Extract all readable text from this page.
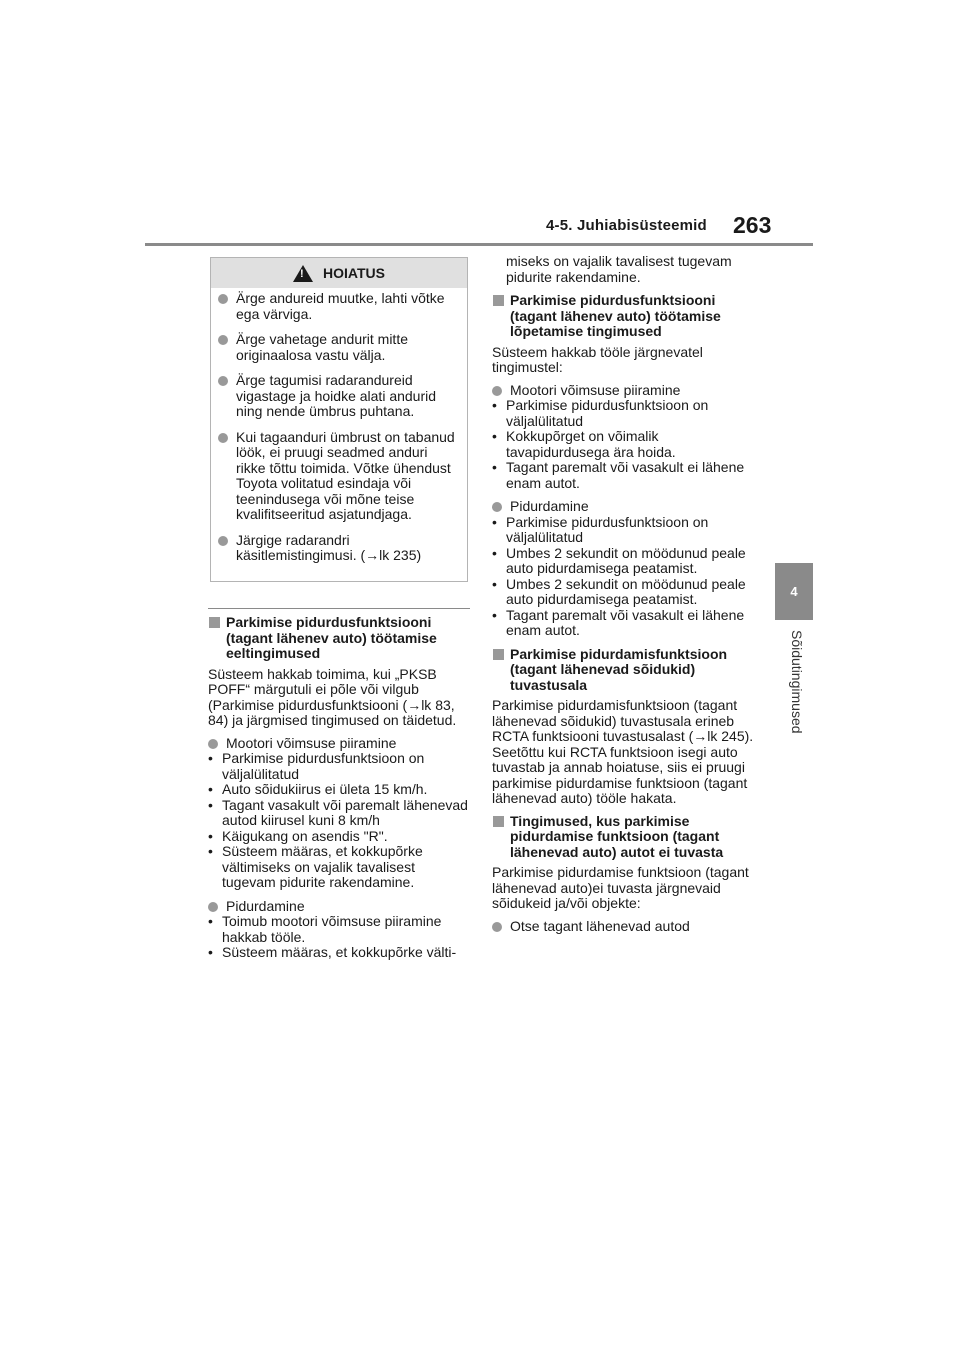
4-5. Juhiabisüsteemid 263
4
Sõidutingimused
!
HOIATUS
Ärge andureid muutke, lahti võtke ega värviga.
Ärge vahetage andurit mitte originaalosa vastu välja.
Ärge tagumisi radarandureid vigastage ja hoidke alati andurid ning nende ümbrus puhtana.
Kui tagaanduri ümbrust on tabanud löök, ei pruugi seadmed anduri rikke tõttu toimida. Võtke ühendust Toyota volitatud esindaja või teenindusega või mõne teise kvalifitseeritud asjatundjaga.
Järgige radarandri käsitlemistingimusi. (→lk 235)
Parkimise pidurdusfunktsiooni (tagant lähenev auto) töötamise eeltingimused
Süsteem hakkab toimima, kui „PKSB POFF“ märgutuli ei põle või vilgub (Parkimise pidurdusfunktsiooni (→lk 83, 84) ja järgmised tingimused on täidetud.
Mootori võimsuse piiramine
• Parkimise pidurdusfunktsioon on väljalülitatud
• Auto sõidukiirus ei ületa 15 km/h.
• Tagant vasakult või paremalt lähenevad autod kiirusel kuni 8 km/h
• Käigukang on asendis "R".
• Süsteem määras, et kokkupõrke vältimiseks on vajalik tavalisest tugevam pidurite rakendamine.
Pidurdamine
• Toimub mootori võimsuse piiramine hakkab tööle.
• Süsteem määras, et kokkupõrke välti-
miseks on vajalik tavalisest tugevam pidurite rakendamine.
Parkimise pidurdusfunktsiooni (tagant lähenev auto) töötamise lõpetamise tingimused
Süsteem hakkab tööle järgnevatel tingimustel:
Mootori võimsuse piiramine
• Parkimise pidurdusfunktsioon on väljalülitatud
• Kokkupõrget on võimalik tavapidurdusega ära hoida.
• Tagant paremalt või vasakult ei lähene enam autot.
Pidurdamine
• Parkimise pidurdusfunktsioon on väljalülitatud
• Umbes 2 sekundit on möödunud peale auto pidurdamisega peatamist.
• Umbes 2 sekundit on möödunud peale auto pidurdamisega peatamist.
• Tagant paremalt või vasakult ei lähene enam autot.
Parkimise pidurdamisfunktsioon (tagant lähenevad sõidukid) tuvastusala
Parkimise pidurdamisfunktsioon (tagant lähenevad sõidukid) tuvastusala erineb RCTA funktsiooni tuvastusalast (→lk 245). Seetõttu kui RCTA funktsioon isegi auto tuvastab ja annab hoiatuse, siis ei pruugi parkimise pidurdamise funktsioon (tagant lähenevad auto) tööle hakata.
Tingimused, kus parkimise pidurdamise funktsioon (tagant lähenevad auto) autot ei tuvasta
Parkimise pidurdamise funktsioon (tagant lähenevad auto)ei tuvasta järgnevaid sõidukeid ja/või objekte:
Otse tagant lähenevad autod
